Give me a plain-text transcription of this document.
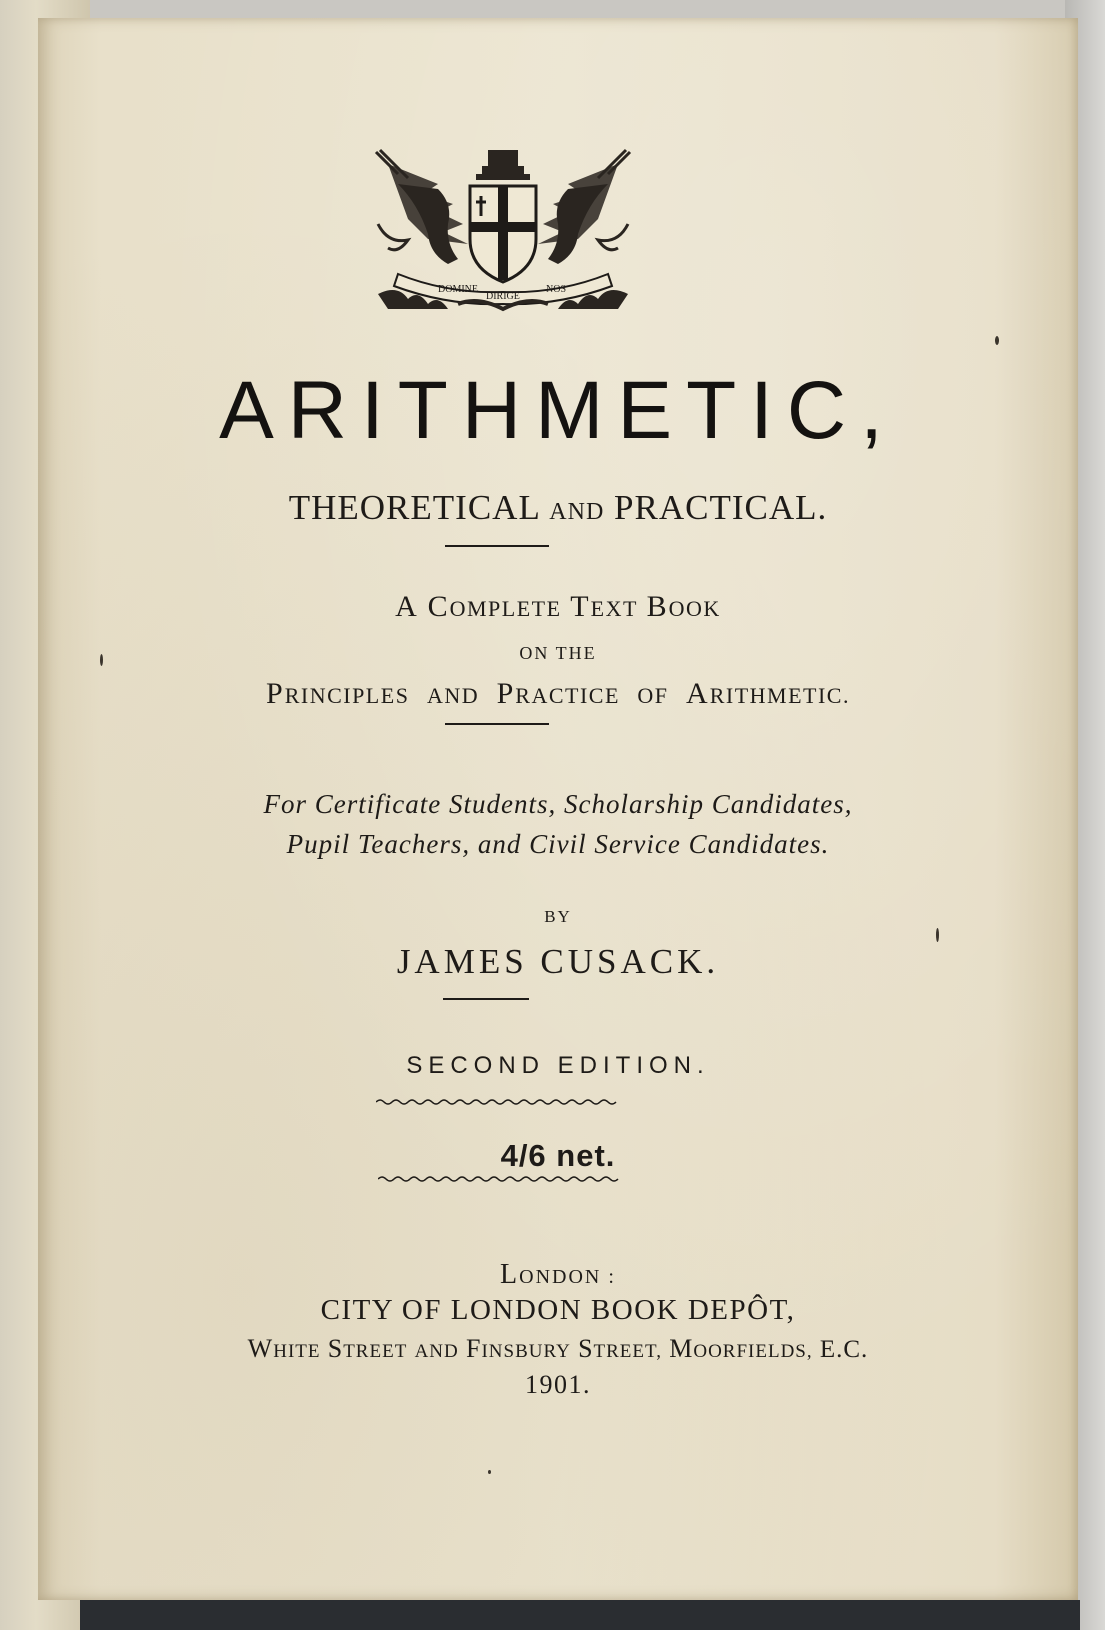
DOMINE
DIRIGE
NOS
ARITHMETIC,
THEORETICAL AND PRACTICAL.
A COMPLETE TEXT BOOK
ON THE
PRINCIPLES AND PRACTICE OF ARITHMETIC.
For Certificate Students, Scholarship Candidates,
Pupil Teachers, and Civil Service Candidates.
BY
JAMES CUSACK.
SECOND EDITION.
4/6 net.
LONDON :
CITY OF LONDON BOOK DEPÔT,
WHITE STREET AND FINSBURY STREET, MOORFIELDS, E.C.
1901.
